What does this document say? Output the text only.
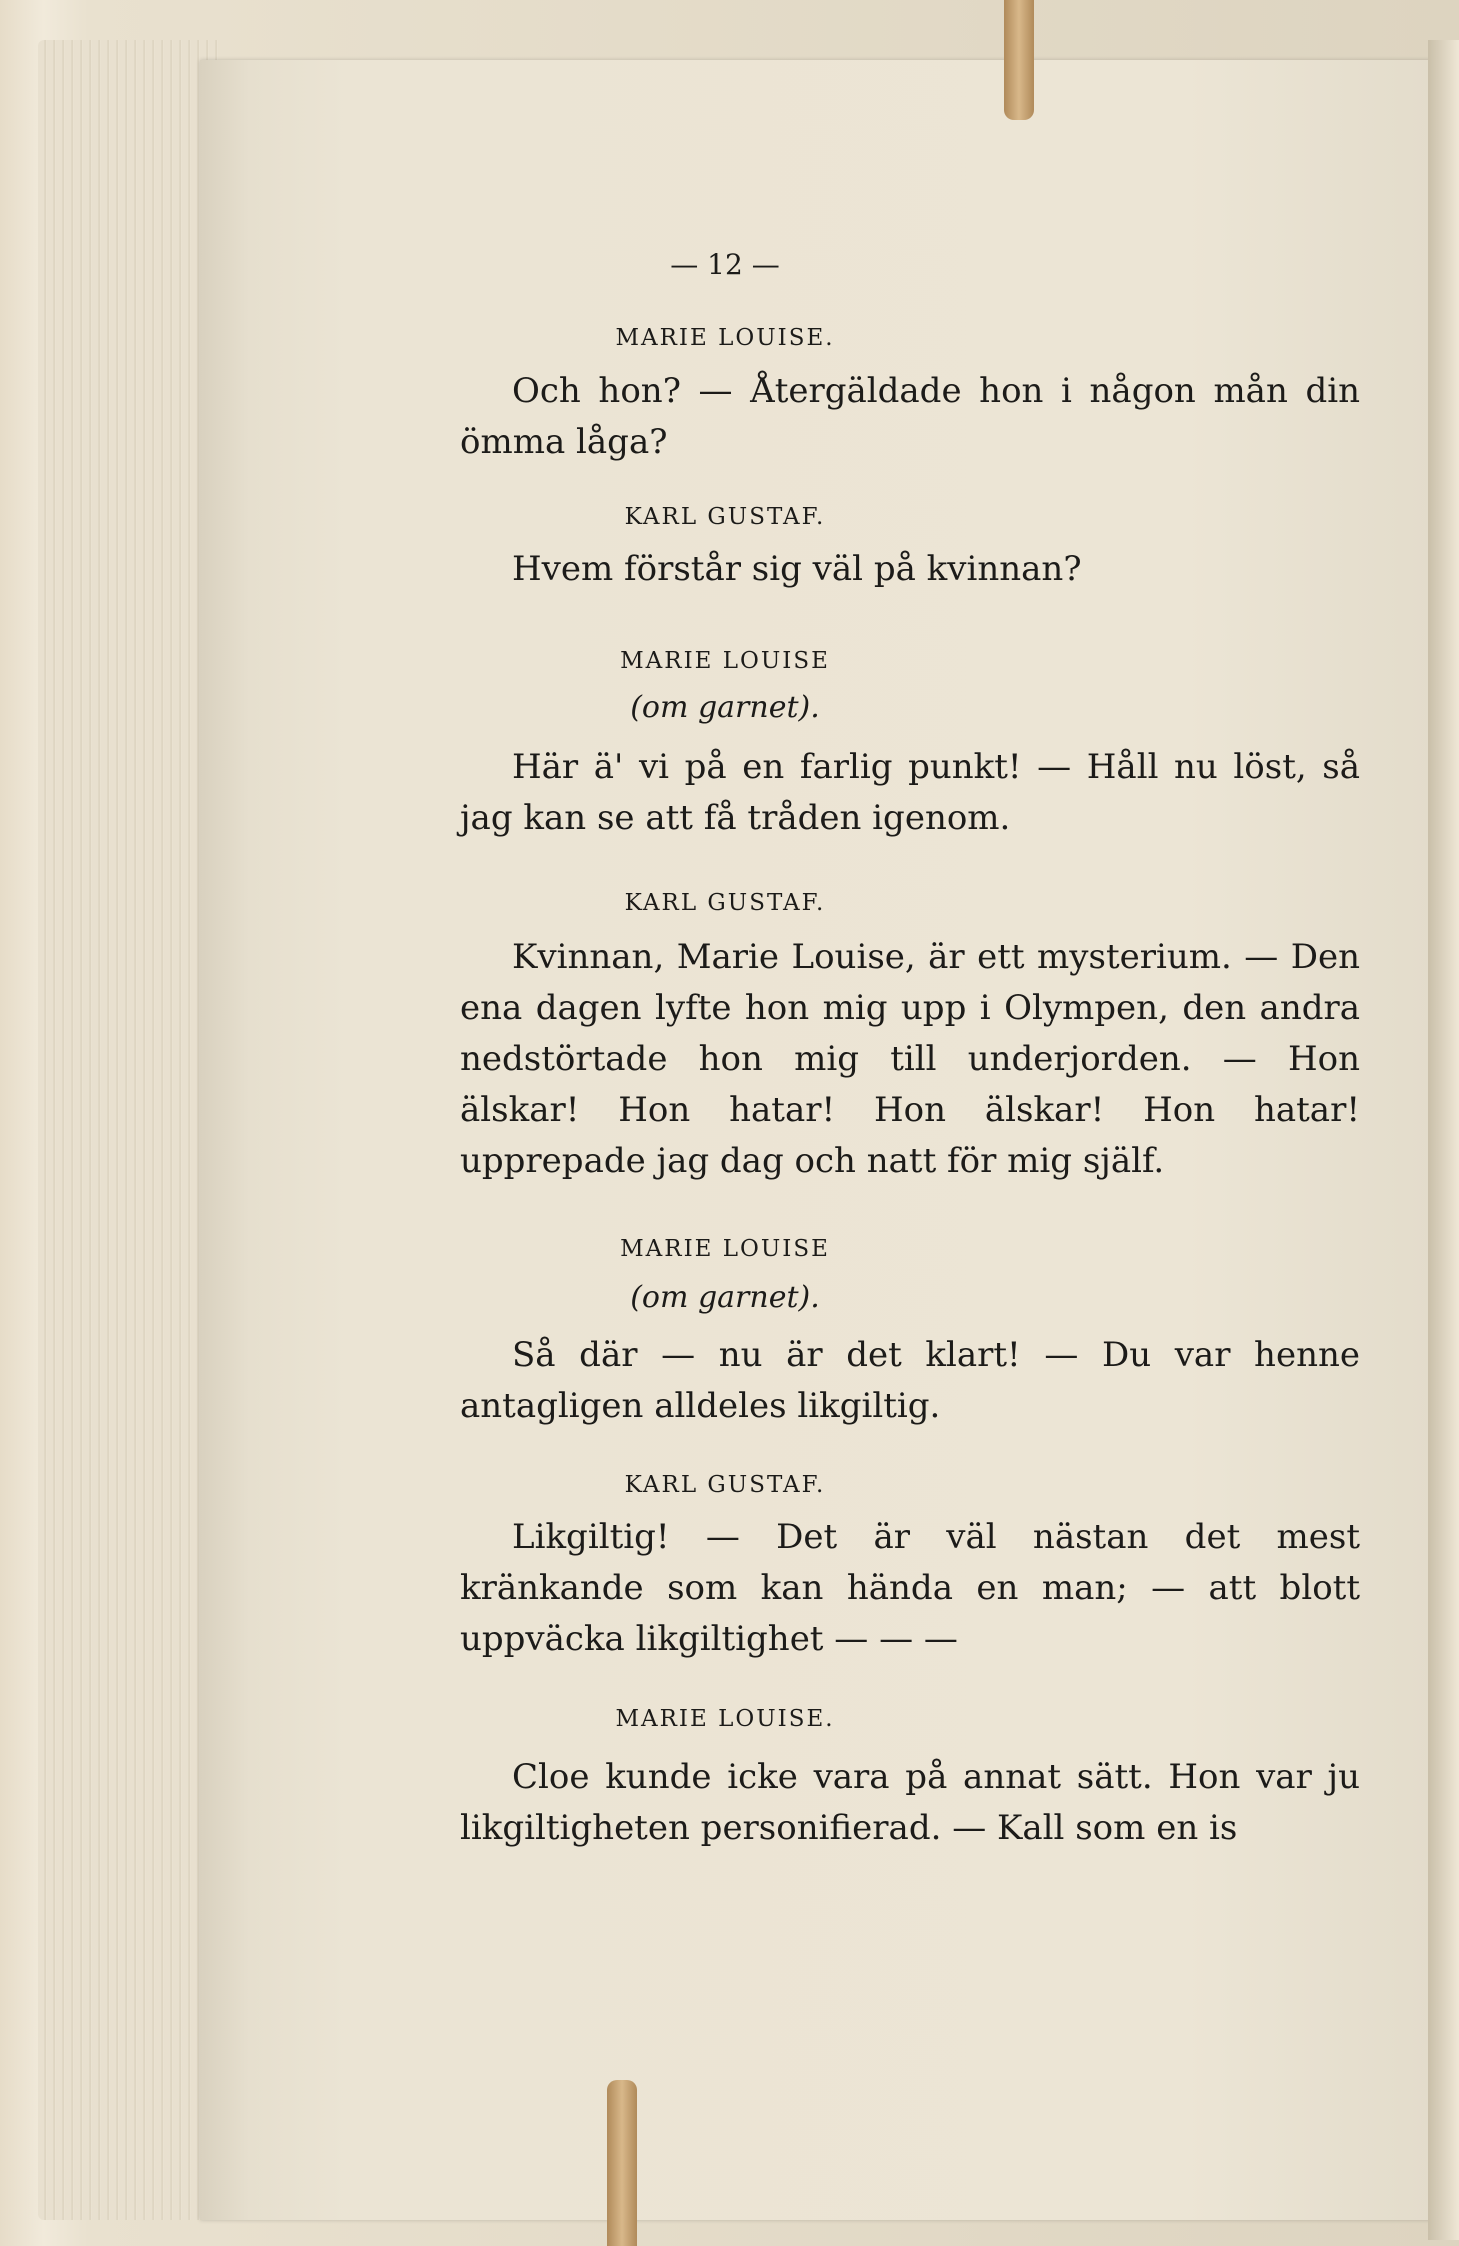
— 12 —
MARIE LOUISE.

Och hon? — Återgäldade hon i någon mån din ömma låga?

KARL GUSTAF.

Hvem förstår sig väl på kvinnan?

MARIE LOUISE
(om garnet).

Här ä' vi på en farlig punkt! — Håll nu löst, så jag kan se att få tråden igenom.

KARL GUSTAF.

Kvinnan, Marie Louise, är ett mysterium. — Den ena dagen lyfte hon mig upp i Olympen, den andra nedstörtade hon mig till underjorden. — Hon älskar! Hon hatar! Hon älskar! Hon hatar! upprepade jag dag och natt för mig själf.

MARIE LOUISE
(om garnet).

Så där — nu är det klart! — Du var henne antagligen alldeles likgiltig.

KARL GUSTAF.

Likgiltig! — Det är väl nästan det mest kränkande som kan hända en man; — att blott uppväcka likgiltighet — — —

MARIE LOUISE.

Cloe kunde icke vara på annat sätt. Hon var ju likgiltigheten personifierad. — Kall som en is
